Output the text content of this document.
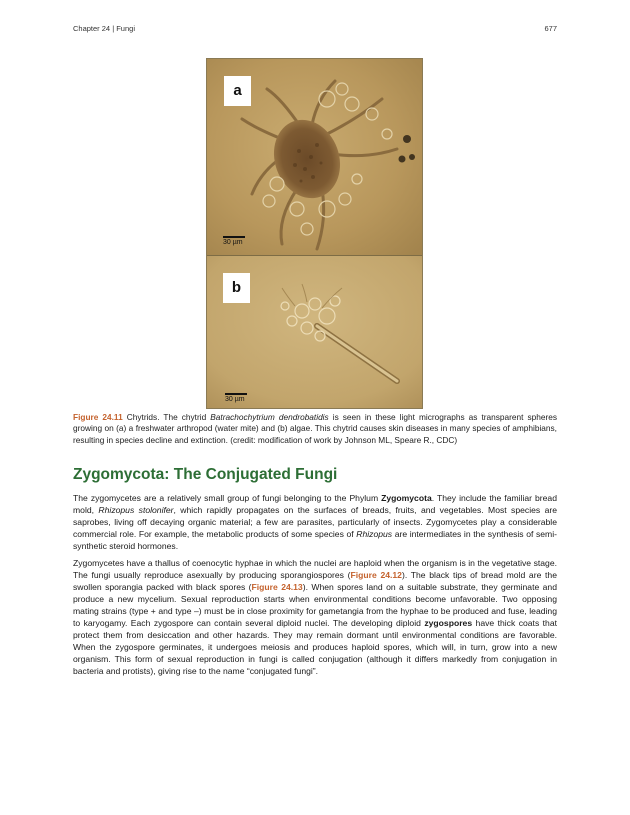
Chapter 24 | Fungi	677
a
30 µm
b
30 µm
Figure 24.11 Chytrids. The chytrid Batrachochytrium dendrobatidis is seen in these light micrographs as transparent spheres growing on (a) a freshwater arthropod (water mite) and (b) algae. This chytrid causes skin diseases in many species of amphibians, resulting in species decline and extinction. (credit: modification of work by Johnson ML, Speare R., CDC)
Zygomycota: The Conjugated Fungi

The zygomycetes are a relatively small group of fungi belonging to the Phylum Zygomycota. They include the familiar bread mold, Rhizopus stolonifer, which rapidly propagates on the surfaces of breads, fruits, and vegetables. Most species are saprobes, living off decaying organic material; a few are parasites, particularly of insects. Zygomycetes play a considerable commercial role. For example, the metabolic products of some species of Rhizopus are intermediates in the synthesis of semi-synthetic steroid hormones.

Zygomycetes have a thallus of coenocytic hyphae in which the nuclei are haploid when the organism is in the vegetative stage. The fungi usually reproduce asexually by producing sporangiospores (Figure 24.12). The black tips of bread mold are the swollen sporangia packed with black spores (Figure 24.13). When spores land on a suitable substrate, they germinate and produce a new mycelium. Sexual reproduction starts when environmental conditions become unfavorable. Two opposing mating strains (type + and type –) must be in close proximity for gametangia from the hyphae to be produced and fuse, leading to karyogamy. Each zygospore can contain several diploid nuclei. The developing diploid zygospores have thick coats that protect them from desiccation and other hazards. They may remain dormant until environmental conditions are favorable. When the zygospore germinates, it undergoes meiosis and produces haploid spores, which will, in turn, grow into a new organism. This form of sexual reproduction in fungi is called conjugation (although it differs markedly from conjugation in bacteria and protists), giving rise to the name “conjugated fungi”.
